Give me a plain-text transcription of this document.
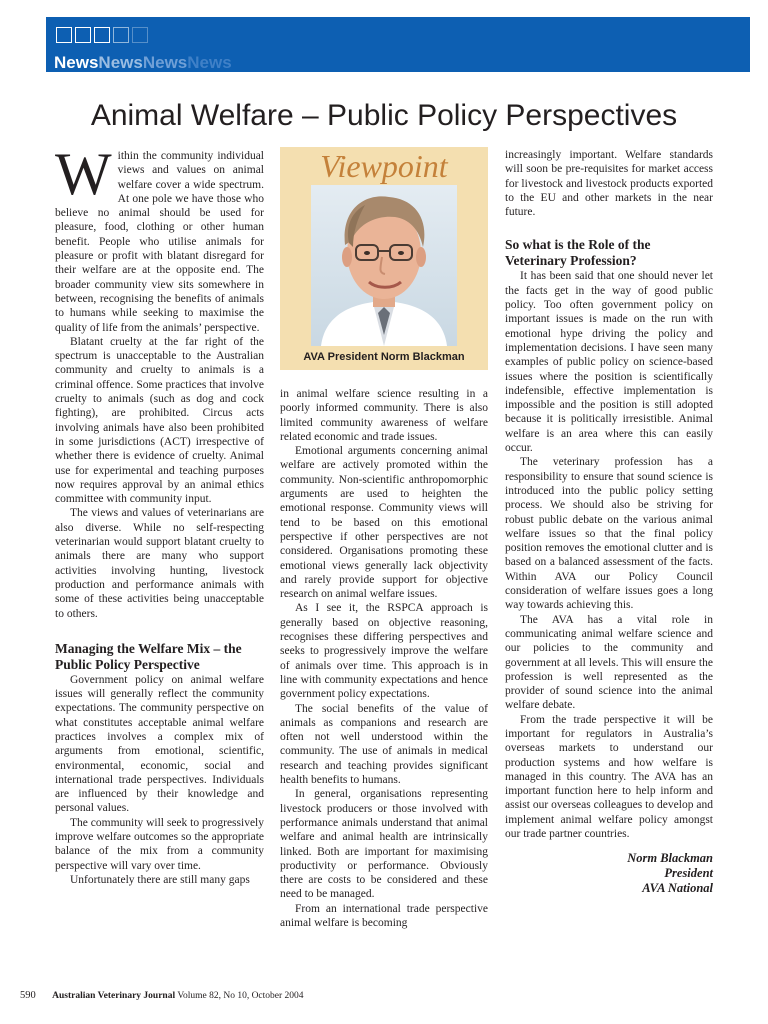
News News News News
Animal Welfare – Public Policy Perspectives

Within the community individual views and values on animal welfare cover a wide spectrum. At one pole we have those who believe no animal should be used for pleasure, food, clothing or other human benefit. People who utilise animals for pleasure or profit with blatant disregard for their welfare are at the opposite end. The broader community view sits somewhere in between, recognising the benefits of animals to humans while seeking to maximise the quality of life from the animals’ perspective.

Blatant cruelty at the far right of the spectrum is unacceptable to the Australian community and cruelty to animals is a criminal offence. Some practices that involve cruelty to animals (such as dog and cock fighting), are prohibited. Circus acts involving animals have also been prohibited in some jurisdictions (ACT) irrespective of whether there is evidence of cruelty. Animal use for experimental and teaching purposes now requires approval by an animal ethics committee with community input.

The views and values of veterinarians are also diverse. While no self-respecting veterinarian would support blatant cruelty to animals there are many who support activities involving hunting, livestock production and performance animals with some of these activities being unacceptable to others.

Managing the Welfare Mix – the Public Policy Perspective

Government policy on animal welfare issues will generally reflect the community expectations. The community perspective on what constitutes acceptable animal welfare practices involves a complex mix of arguments from emotional, scientific, environmental, economic, social and international trade perspectives. Individuals are influenced by their knowledge and personal values.

The community will seek to progressively improve welfare outcomes so the appropriate balance of the mix from a community perspective will vary over time.

Unfortunately there are still many gaps

Viewpoint
AVA President Norm Blackman

in animal welfare science resulting in a poorly informed community. There is also limited community awareness of welfare related economic and trade issues.

Emotional arguments concerning animal welfare are actively promoted within the community. Non-scientific anthropomorphic arguments are used to heighten the emotional response. Community views will tend to be based on this emotional perspective if other perspectives are not considered. Organisations promoting these emotional views generally lack objectivity and rarely provide support for objective research on animal welfare issues.

As I see it, the RSPCA approach is generally based on objective reasoning, recognises these differing perspectives and seeks to progressively improve the welfare of animals over time. This approach is in line with community expectations and hence government policy expectations.

The social benefits of the value of animals as companions and research are often not well understood within the community. The use of animals in medical research and teaching provides significant health benefits to humans.

In general, organisations representing livestock producers or those involved with performance animals understand that animal welfare and animal health are intrinsically linked. Both are important for maximising productivity or performance. Obviously there are costs to be considered and these need to be managed.

From an international trade perspective animal welfare is becoming

increasingly important. Welfare standards will soon be pre-requisites for market access for livestock and livestock products exported to the EU and other markets in the near future.

So what is the Role of the Veterinary Profession?

It has been said that one should never let the facts get in the way of good public policy. Too often government policy on important issues is made on the run with emotional hype driving the policy and implementation decisions. I have seen many examples of public policy on science-based issues where the position is scientifically indefensible, effective implementation is impossible and the position is still adopted because it is politically irresistible. Animal welfare is an area where this can easily occur.

The veterinary profession has a responsibility to ensure that sound science is introduced into the public policy setting process. We should also be striving for robust public debate on the various animal welfare issues so that the final policy position removes the emotional clutter and is based on a balanced assessment of the facts. Within AVA our Policy Council consideration of welfare issues goes a long way towards achieving this.

The AVA has a vital role in communicating animal welfare science and our policies to the community and government at all levels. This will ensure the profession is well represented as the provider of sound science into the animal welfare debate.

From the trade perspective it will be important for regulators in Australia’s overseas markets to understand our production systems and how welfare is managed in this country. The AVA has an important function here to help inform and assist our overseas colleagues to develop and implement animal welfare policy amongst our trade partner countries.

Norm Blackman
President
AVA National
590 Australian Veterinary Journal Volume 82, No 10, October 2004
